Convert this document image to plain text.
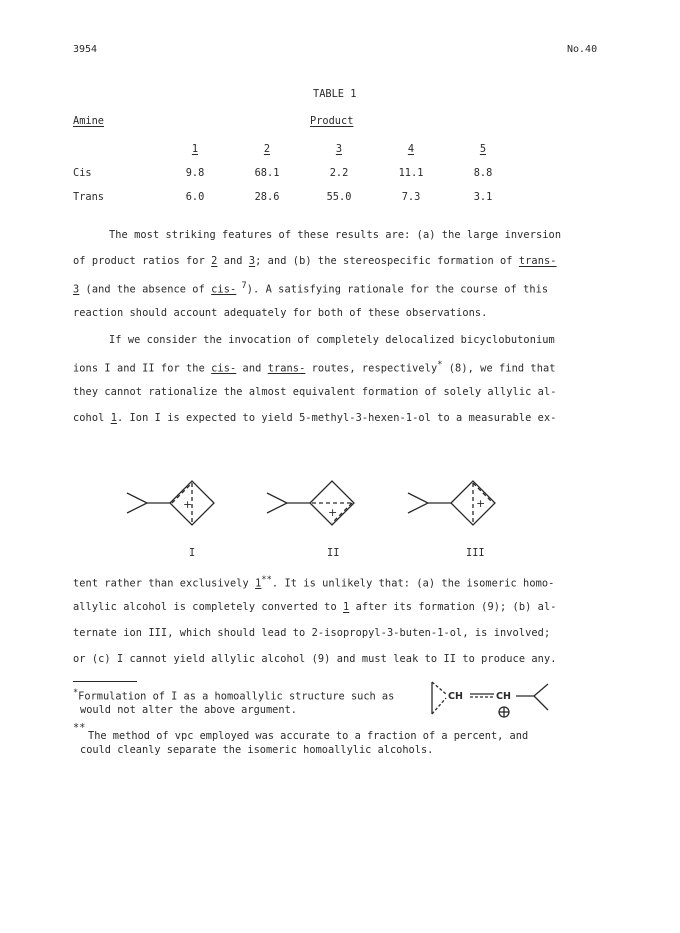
3954	No.40
TABLE 1
Amine	Product
	1	2	3	4	5
Cis	9.8	68.1	2.2	11.1	8.8
Trans	6.0	28.6	55.0	7.3	3.1
The most striking features of these results are: (a) the large inversion
of product ratios for 2 and 3; and (b) the stereospecific formation of trans-
3 (and the absence of cis- $^7$). A satisfying rationale for the course of this
reaction should account adequately for both of these observations.
If we consider the invocation of completely delocalized bicyclobutonium
ions I and II for the cis- and trans- routes, respectively* (8), we find that
they cannot rationalize the almost equivalent formation of solely allylic al-
cohol 1. Ion I is expected to yield 5-methyl-3-hexen-1-ol to a measurable ex-
+
+
+
I	II	III
tent rather than exclusively 1**. It is unlikely that: (a) the isomeric homo-
allylic alcohol is completely converted to 1 after its formation (9); (b) al-
ternate ion III, which should lead to 2-isopropyl-3-buten-1-ol, is involved;
or (c) I cannot yield allylic alcohol (9) and must leak to II to produce any.
*Formulation of I as a homoallylic structure such as
would not alter the above argument.
CH	CH
**
The method of vpc employed was accurate to a fraction of a percent, and
could cleanly separate the isomeric homoallylic alcohols.
